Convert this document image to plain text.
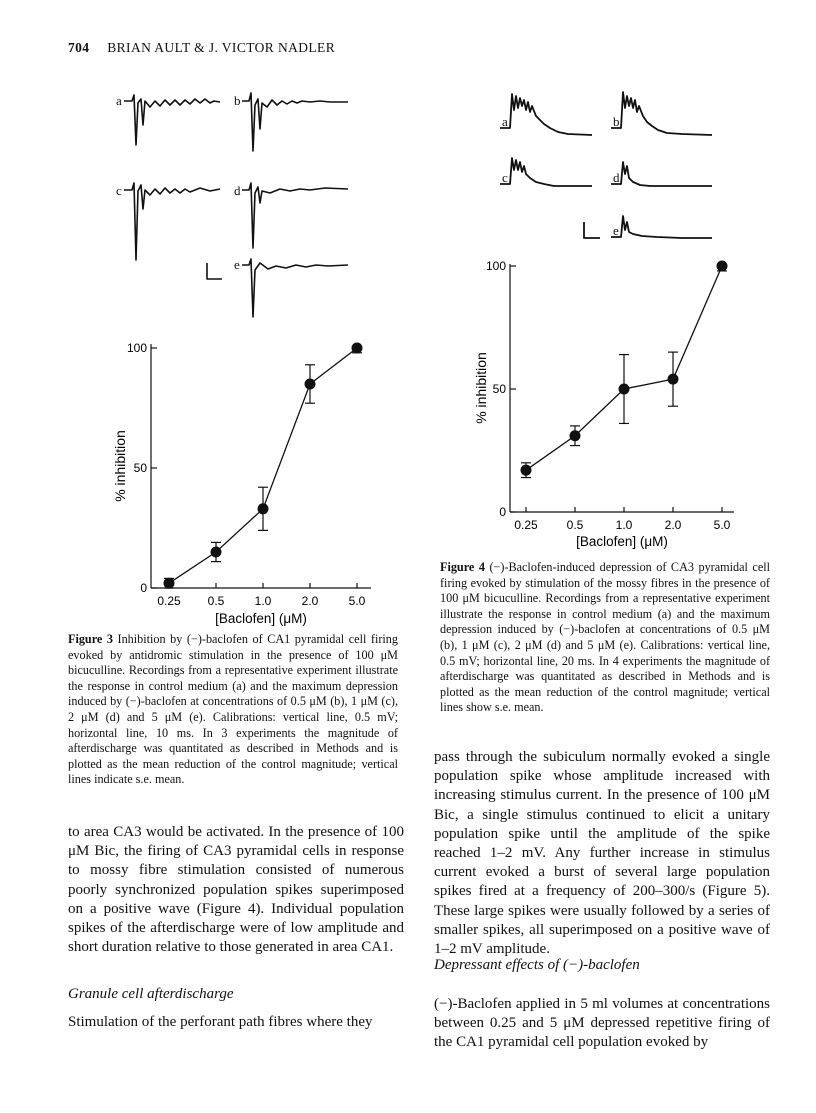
704 BRIAN AULT & J. VICTOR NADLER
a	b
c	d
e
% inhibition
[Baclofen] (μM)
0
50
100
0.25 0.5	1.0	2.0	5.0
Figure 3 Inhibition by (−)-baclofen of CA1 pyramidal cell firing evoked by antidromic stimulation in the presence of 100 μM bicuculline. Recordings from a representative experiment illustrate the response in control medium (a) and the maximum depression induced by (−)-baclofen at concentrations of 0.5 μM (b), 1 μM (c), 2 μM (d) and 5 μM (e). Calibrations: vertical line, 0.5 mV; horizontal line, 10 ms. In 3 experiments the magnitude of afterdischarge was quantitated as described in Methods and is plotted as the mean reduction of the control magnitude; vertical lines indicate s.e. mean.

to area CA3 would be activated. In the presence of 100 μM Bic, the firing of CA3 pyramidal cells in response to mossy fibre stimulation consisted of numerous poorly synchronized population spikes superimposed on a positive wave (Figure 4). Individual population spikes of the afterdischarge were of low amplitude and short duration relative to those generated in area CA1.

Granule cell afterdischarge

Stimulation of the perforant path fibres where they

a	b
c	d
e
% inhibition
[Baclofen] (μM)
0
50
100
0.25 0.5	1.0	2.0	5.0
Figure 4 (−)-Baclofen-induced depression of CA3 pyramidal cell firing evoked by stimulation of the mossy fibres in the presence of 100 μM bicuculline. Recordings from a representative experiment illustrate the response in control medium (a) and the maximum depression induced by (−)-baclofen at concentrations of 0.5 μM (b), 1 μM (c), 2 μM (d) and 5 μM (e). Calibrations: vertical line, 0.5 mV; horizontal line, 20 ms. In 4 experiments the magnitude of afterdischarge was quantitated as described in Methods and is plotted as the mean reduction of the control magnitude; vertical lines show s.e. mean.

pass through the subiculum normally evoked a single population spike whose amplitude increased with increasing stimulus current. In the presence of 100 μM Bic, a single stimulus continued to elicit a unitary population spike until the amplitude of the spike reached 1–2 mV. Any further increase in stimulus current evoked a burst of several large population spikes fired at a frequency of 200–300/s (Figure 5). These large spikes were usually followed by a series of smaller spikes, all superimposed on a positive wave of 1–2 mV amplitude.

Depressant effects of (−)-baclofen

(−)-Baclofen applied in 5 ml volumes at concentrations between 0.25 and 5 μM depressed repetitive firing of the CA1 pyramidal cell population evoked by
